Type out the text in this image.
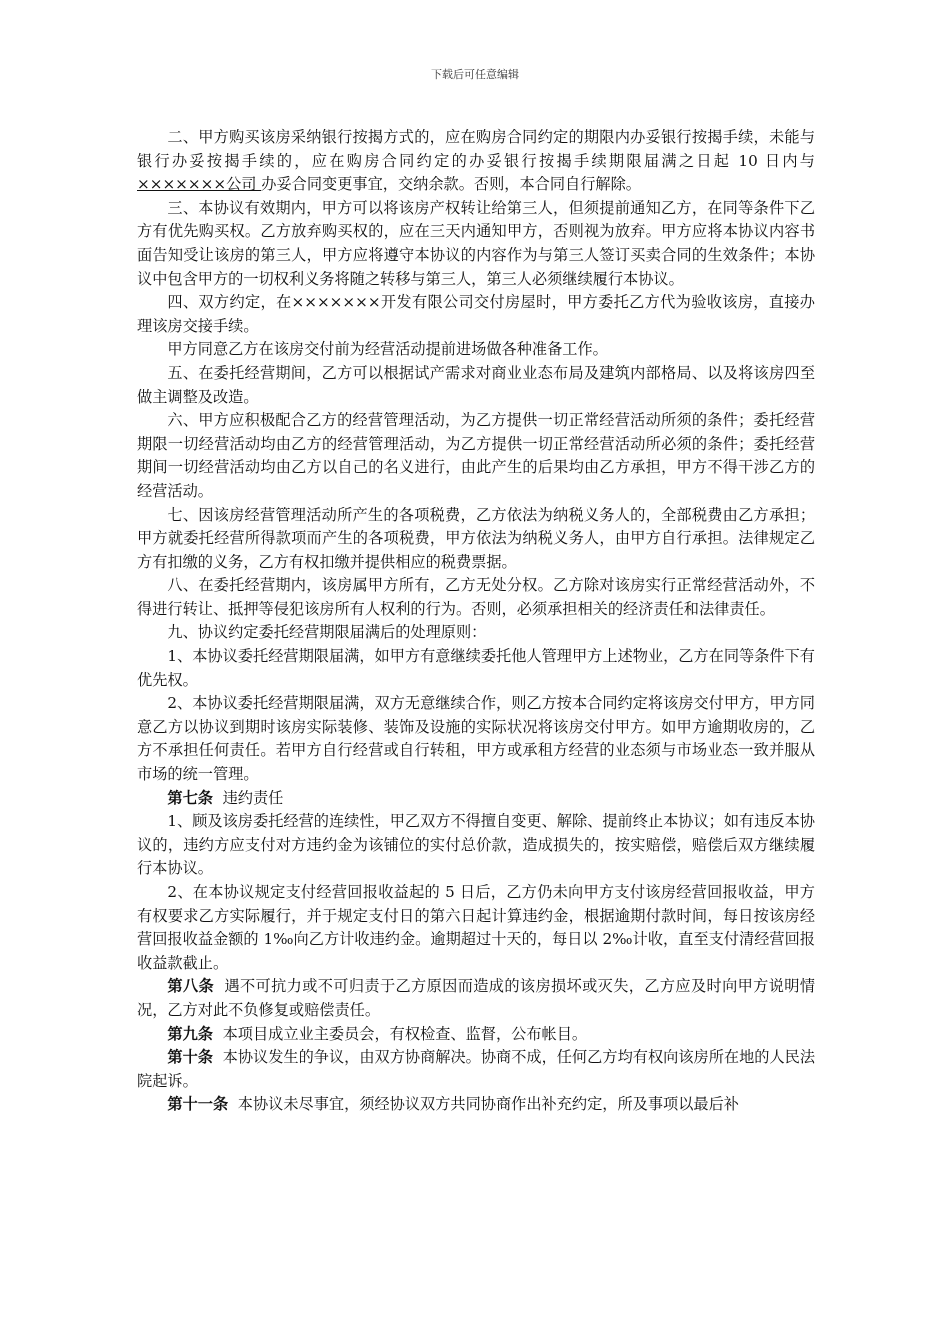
下载后可任意编辑

二、甲方购买该房采纳银行按揭方式的，应在购房合同约定的期限内办妥银行按揭手续，未能与银行办妥按揭手续的，应在购房合同约定的办妥银行按揭手续期限届满之日起 10 日内与 ×××××××公司 办妥合同变更事宜，交纳余款。否则，本合同自行解除。

三、本协议有效期内，甲方可以将该房产权转让给第三人，但须提前通知乙方，在同等条件下乙方有优先购买权。乙方放弃购买权的，应在三天内通知甲方，否则视为放弃。甲方应将本协议内容书面告知受让该房的第三人，甲方应将遵守本协议的内容作为与第三人签订买卖合同的生效条件；本协议中包含甲方的一切权利义务将随之转移与第三人，第三人必须继续履行本协议。

四、双方约定，在×××××××开发有限公司交付房屋时，甲方委托乙方代为验收该房，直接办理该房交接手续。

甲方同意乙方在该房交付前为经营活动提前进场做各种准备工作。

五、在委托经营期间，乙方可以根据试产需求对商业业态布局及建筑内部格局、以及将该房四至做主调整及改造。

六、甲方应积极配合乙方的经营管理活动，为乙方提供一切正常经营活动所须的条件；委托经营期限一切经营活动均由乙方的经营管理活动，为乙方提供一切正常经营活动所必须的条件；委托经营期间一切经营活动均由乙方以自己的名义进行，由此产生的后果均由乙方承担，甲方不得干涉乙方的经营活动。

七、因该房经营管理活动所产生的各项税费，乙方依法为纳税义务人的，全部税费由乙方承担；甲方就委托经营所得款项而产生的各项税费，甲方依法为纳税义务人，由甲方自行承担。法律规定乙方有扣缴的义务，乙方有权扣缴并提供相应的税费票据。

八、在委托经营期内，该房属甲方所有，乙方无处分权。乙方除对该房实行正常经营活动外，不得进行转让、抵押等侵犯该房所有人权利的行为。否则，必须承担相关的经济责任和法律责任。

九、协议约定委托经营期限届满后的处理原则：

1、本协议委托经营期限届满，如甲方有意继续委托他人管理甲方上述物业，乙方在同等条件下有优先权。

2、本协议委托经营期限届满，双方无意继续合作，则乙方按本合同约定将该房交付甲方，甲方同意乙方以协议到期时该房实际装修、装饰及设施的实际状况将该房交付甲方。如甲方逾期收房的，乙方不承担任何责任。若甲方自行经营或自行转租，甲方或承租方经营的业态须与市场业态一致并服从市场的统一管理。

第七条 违约责任

1、顾及该房委托经营的连续性，甲乙双方不得擅自变更、解除、提前终止本协议；如有违反本协议的，违约方应支付对方违约金为该铺位的实付总价款，造成损失的，按实赔偿，赔偿后双方继续履行本协议。

2、在本协议规定支付经营回报收益起的 5 日后，乙方仍未向甲方支付该房经营回报收益，甲方有权要求乙方实际履行，并于规定支付日的第六日起计算违约金，根据逾期付款时间，每日按该房经营回报收益金额的 1‰向乙方计收违约金。逾期超过十天的，每日以 2‰计收，直至支付清经营回报收益款截止。

第八条 遇不可抗力或不可归责于乙方原因而造成的该房损坏或灭失，乙方应及时向甲方说明情况，乙方对此不负修复或赔偿责任。

第九条 本项目成立业主委员会，有权检查、监督，公布帐目。

第十条 本协议发生的争议，由双方协商解决。协商不成，任何乙方均有权向该房所在地的人民法院起诉。

第十一条 本协议未尽事宜，须经协议双方共同协商作出补充约定，所及事项以最后补
